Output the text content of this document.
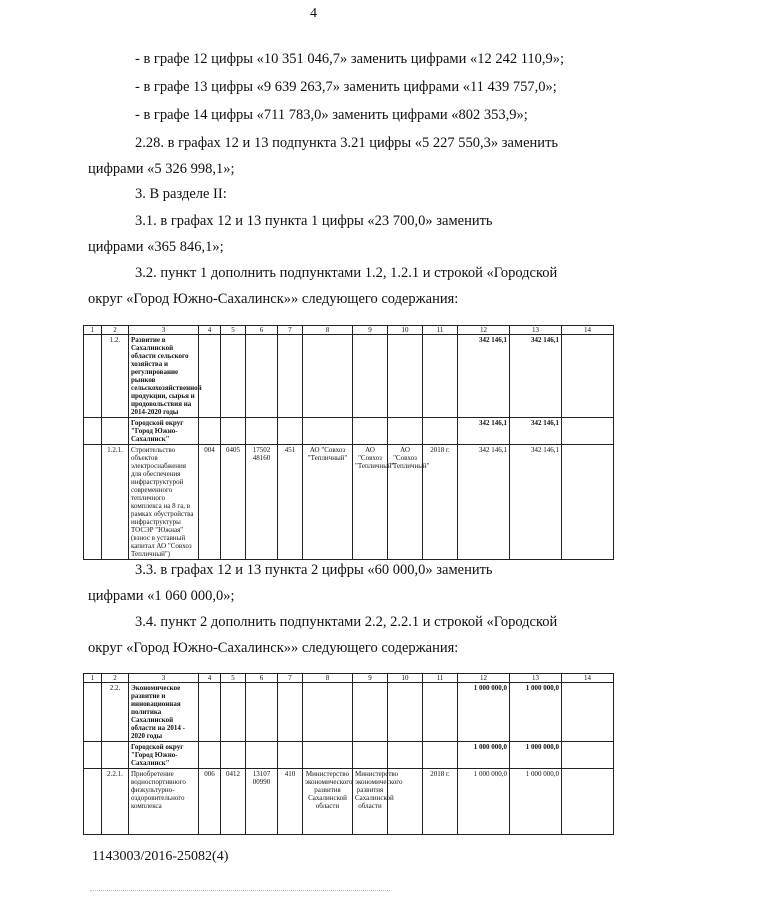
4
- в графе 12 цифры «10 351 046,7» заменить цифрами «12 242 110,9»;
- в графе 13 цифры «9 639 263,7» заменить цифрами «11 439 757,0»;
- в графе 14 цифры «711 783,0» заменить цифрами «802 353,9»;
2.28. в графах 12 и 13 подпункта 3.21 цифры «5 227 550,3» заменить
цифрами «5 326 998,1»;
3. В разделе II:
3.1. в графах 12 и 13 пункта 1 цифры «23 700,0» заменить
цифрами «365 846,1»;
3.2. пункт 1 дополнить подпунктами 1.2, 1.2.1 и строкой «Городской
округ «Город Южно-Сахалинск»» следующего содержания:
1	2	3	4	5	6	7	8	9	10	11	12	13	14
	1.2.	Развитие в Сахалинской области сельского хозяйства и регулирование рынков сельскохозяйственной продукции, сырья и продовольствия на 2014-2020 годы									342 146,1	342 146,1	
		Городской округ "Город Южно-Сахалинск"									342 146,1	342 146,1	
	1.2.1.	Строительство объектов электроснабжения для обеспечения инфраструктурой современного тепличного комплекса на 8 га, в рамках обустройства инфраструктуры ТОСЭР "Южная" (взнос в уставный капитал АО "Совхоз Тепличный")	004	0405	17502 48160	451	АО "Совхоз "Тепличный"	АО "Совхоз "Тепличный"	АО "Совхоз "Тепличный"	2018 г.	342 146,1	342 146,1	
3.3. в графах 12 и 13 пункта 2 цифры «60 000,0» заменить
цифрами «1 060 000,0»;
3.4. пункт 2 дополнить подпунктами 2.2, 2.2.1 и строкой «Городской
округ «Город Южно-Сахалинск»» следующего содержания:
1	2	3	4	5	6	7	8	9	10	11	12	13	14
	2.2.	Экономическое развитие и инновационная политика Сахалинской области на 2014 - 2020 годы									1 000 000,0	1 000 000,0	
		Городской округ "Город Южно-Сахалинск"									1 000 000,0	1 000 000,0	
	2.2.1.	Приобретение водноспортивного физкультурно-оздоровительного комплекса	006	0412	13107 00990	410	Министерство экономического развития Сахалинской области	Министерство экономического развития Сахалинской области		2018 г.	1 000 000,0	1 000 000,0	
1143003/2016-25082(4)
